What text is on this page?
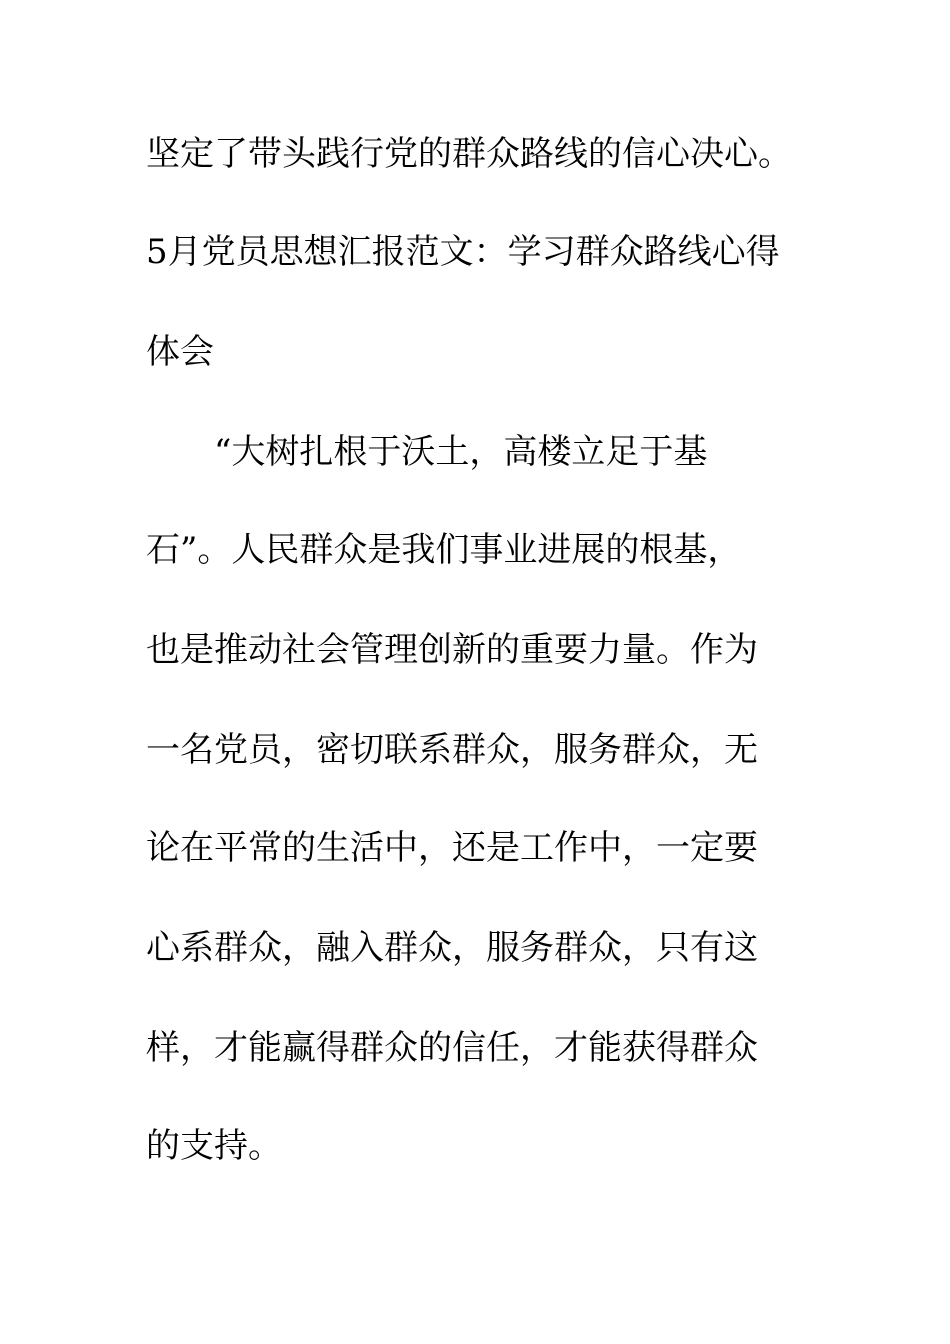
坚定了带头践行党的群众路线的信心决心。
5月党员思想汇报范文：学习群众路线心得
体会
“大树扎根于沃土，高楼立足于基
石”。人民群众是我们事业进展的根基，
也是推动社会管理创新的重要力量。作为
一名党员，密切联系群众，服务群众，无
论在平常的生活中，还是工作中，一定要
心系群众，融入群众，服务群众，只有这
样，才能赢得群众的信任，才能获得群众
的支持。
